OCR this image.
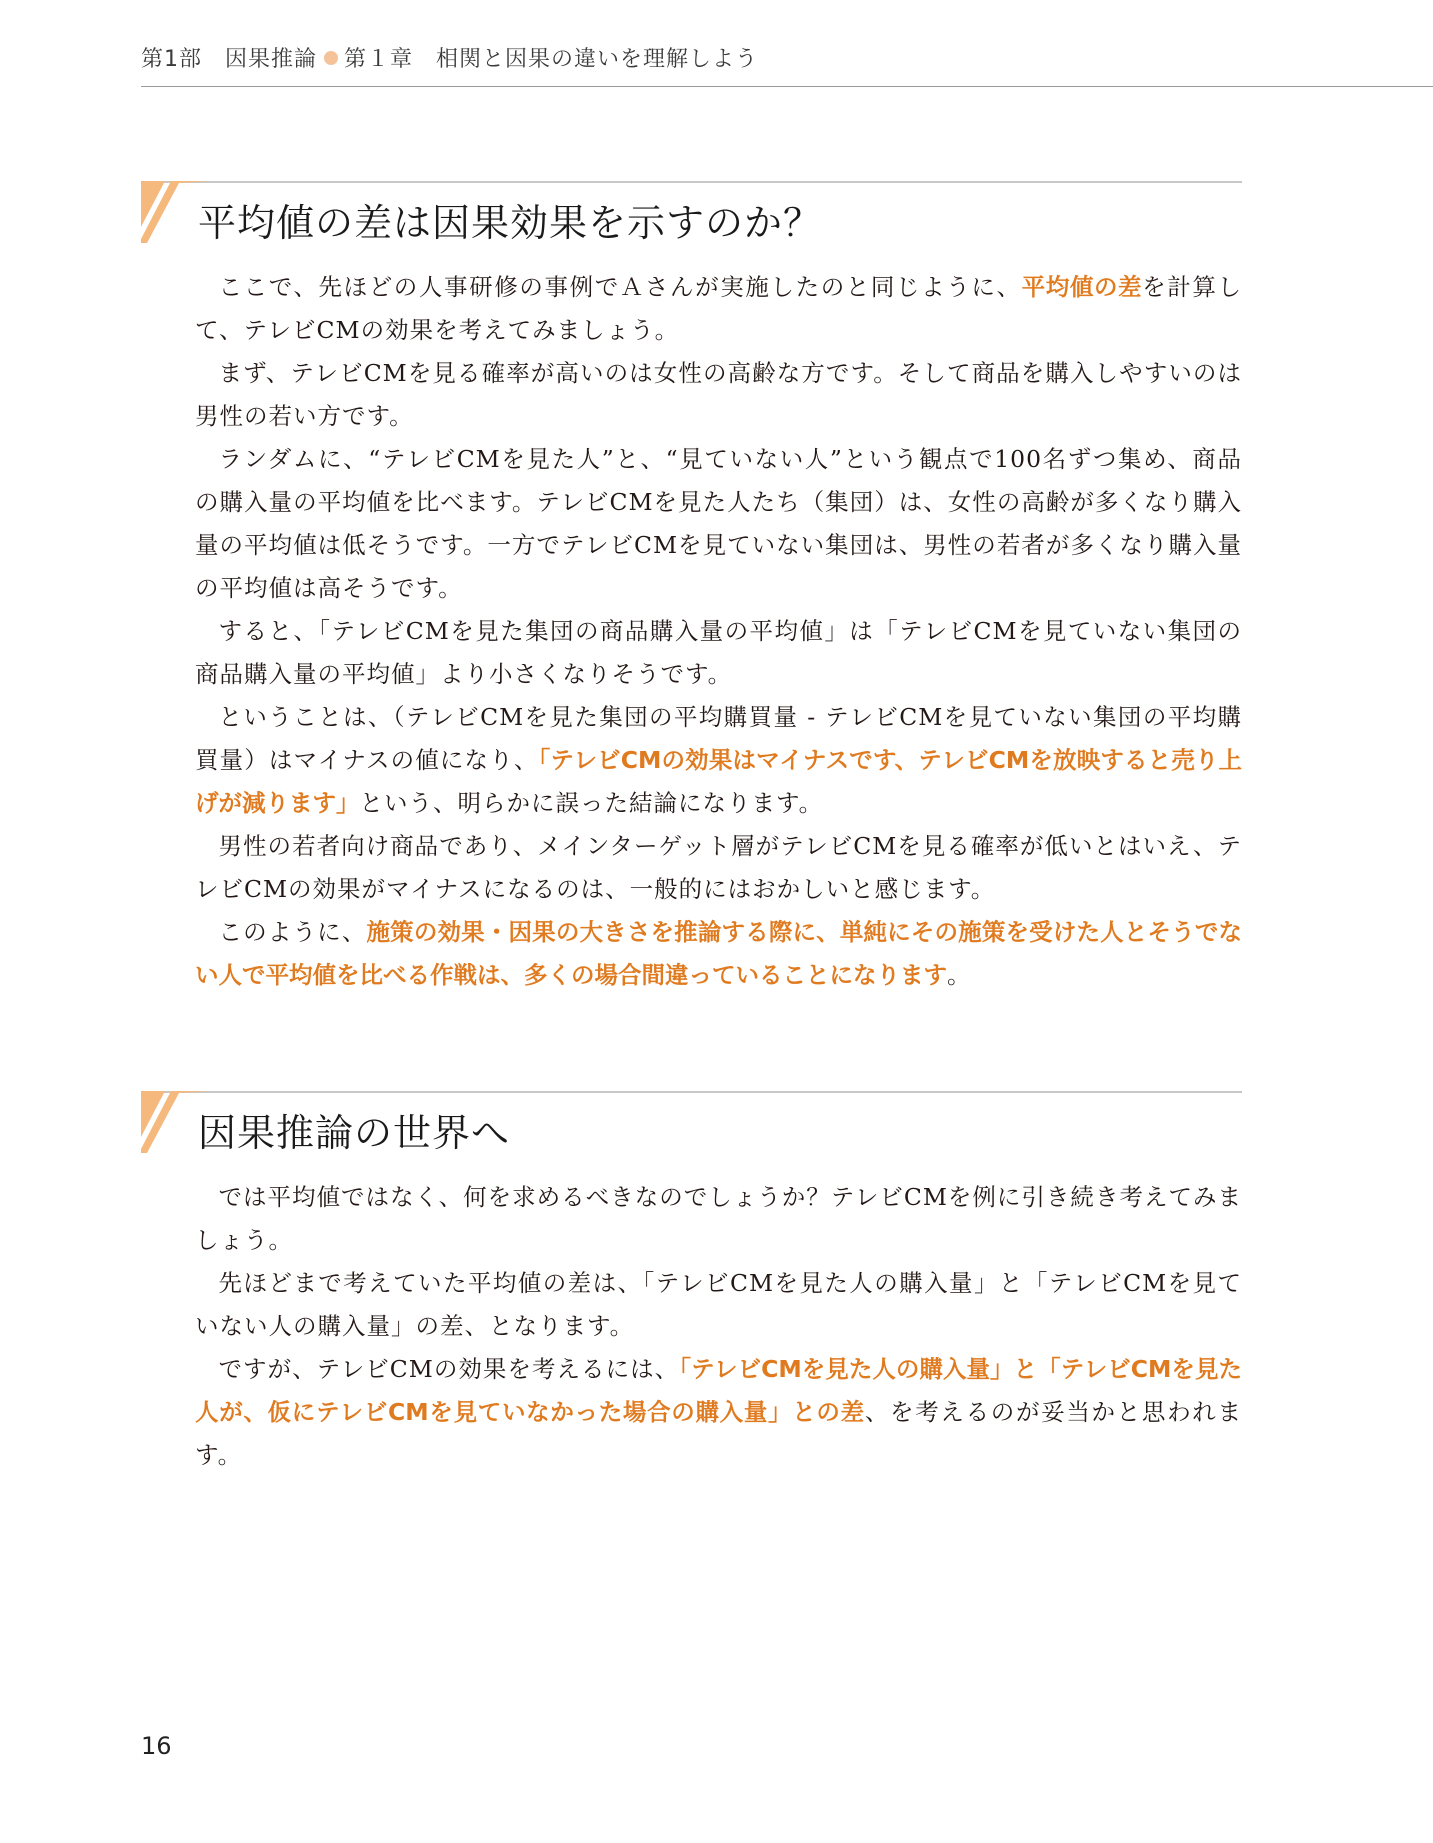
第1部　因果推論 第１章　相関と因果の違いを理解しよう
平均値の差は因果効果を示すのか？

ここで、先ほどの人事研修の事例でＡさんが実施したのと同じように、平均値の差を計算して、テレビCMの効果を考えてみましょう。

まず、テレビCMを見る確率が高いのは女性の高齢な方です。そして商品を購入しやすいのは男性の若い方です。

ランダムに、“テレビCMを見た人”と、“見ていない人”という観点で100名ずつ集め、商品の購入量の平均値を比べます。テレビCMを見た人たち（集団）は、女性の高齢が多くなり購入量の平均値は低そうです。一方でテレビCMを見ていない集団は、男性の若者が多くなり購入量の平均値は高そうです。

すると、「テレビCMを見た集団の商品購入量の平均値」は「テレビCMを見ていない集団の商品購入量の平均値」より小さくなりそうです。

ということは、（テレビCMを見た集団の平均購買量 - テレビCMを見ていない集団の平均購買量）はマイナスの値になり、「テレビCMの効果はマイナスです、テレビCMを放映すると売り上げが減ります」という、明らかに誤った結論になります。

男性の若者向け商品であり、メインターゲット層がテレビCMを見る確率が低いとはいえ、テレビCMの効果がマイナスになるのは、一般的にはおかしいと感じます。

このように、施策の効果・因果の大きさを推論する際に、単純にその施策を受けた人とそうでない人で平均値を比べる作戦は、多くの場合間違っていることになります。

因果推論の世界へ

では平均値ではなく、何を求めるべきなのでしょうか？テレビCMを例に引き続き考えてみましょう。

先ほどまで考えていた平均値の差は、「テレビCMを見た人の購入量」と「テレビCMを見ていない人の購入量」の差、となります。

ですが、テレビCMの効果を考えるには、「テレビCMを見た人の購入量」と「テレビCMを見た人が、仮にテレビCMを見ていなかった場合の購入量」との差、を考えるのが妥当かと思われます。

16
